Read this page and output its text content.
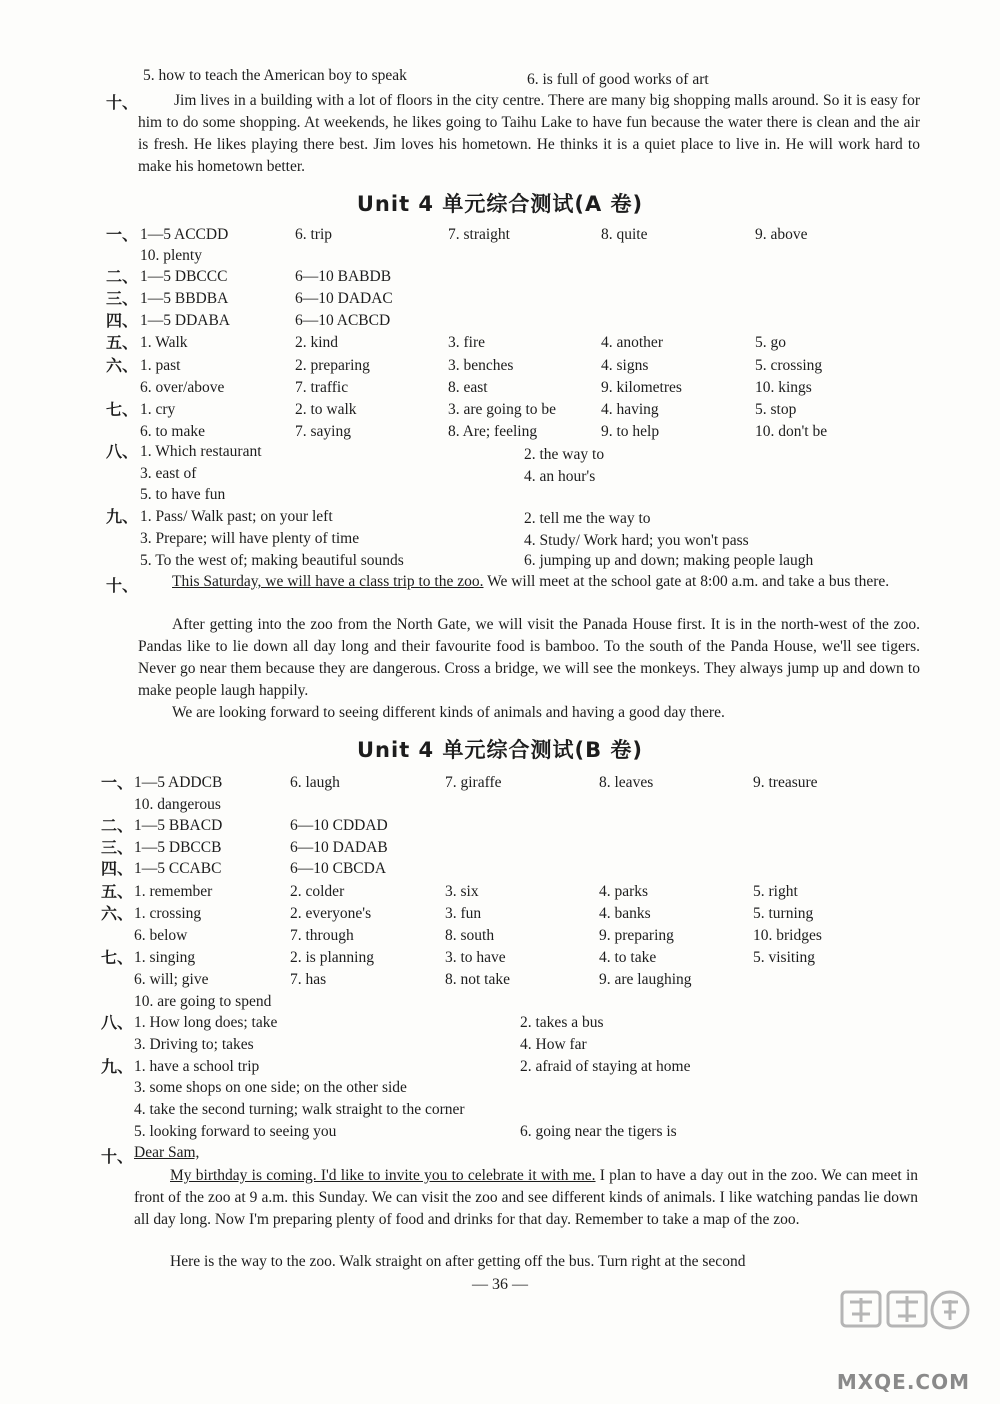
5. how to teach the American boy to speak	6. is full of good works of art
十、	Jim lives in a building with a lot of floors in the city centre. There are many big shopping malls around. So it is easy for him to do some shopping. At weekends, he likes going to Taihu Lake to have fun because the water there is clean and the air is fresh. He likes playing there best. Jim loves his hometown. He thinks it is a quiet place to live in. He will work hard to make his hometown better.
Unit 4 单元综合测试(A 卷)
一、 1—5 ACCDD	6. trip	7. straight	8. quite	9. above
10. plenty
二、 1—5 DBCCC	6—10 BABDB
三、 1—5 BBDBA	6—10 DADAC
四、 1—5 DDABA	6—10 ACBCD
五、 1. Walk	2. kind	3. fire	4. another	5. go
六、 1. past	2. preparing	3. benches	4. signs	5. crossing
6. over/above	7. traffic	8. east	9. kilometres	10. kings
七、 1. cry	2. to walk	3. are going to be	4. having	5. stop
6. to make	7. saying	8. Are; feeling	9. to help	10. don't be
八、 1. Which restaurant	2. the way to
3. east of	4. an hour's
5. to have fun
九、 1. Pass/ Walk past; on your left	2. tell me the way to
3. Prepare; will have plenty of time	4. Study/ Work hard; you won't pass
5. To the west of; making beautiful sounds	6. jumping up and down; making people laugh
十、	This Saturday, we will have a class trip to the zoo. We will meet at the school gate at 8:00 a.m. and take a bus there.
After getting into the zoo from the North Gate, we will visit the Panada House first. It is in the north-west of the zoo. Pandas like to lie down all day long and their favourite food is bamboo. To the south of the Panda House, we'll see tigers. Never go near them because they are dangerous. Cross a bridge, we will see the monkeys. They always jump up and down to make people laugh happily.
We are looking forward to seeing different kinds of animals and having a good day there.
Unit 4 单元综合测试(B 卷)
一、 1—5 ADDCB	6. laugh	7. giraffe	8. leaves	9. treasure
10. dangerous
二、 1—5 BBACD	6—10 CDDAD
三、 1—5 DBCCB	6—10 DADAB
四、 1—5 CCABC	6—10 CBCDA
五、 1. remember	2. colder	3. six	4. parks	5. right
六、 1. crossing	2. everyone's	3. fun	4. banks	5. turning
6. below	7. through	8. south	9. preparing	10. bridges
七、 1. singing	2. is planning	3. to have	4. to take	5. visiting
6. will; give	7. has	8. not take	9. are laughing
10. are going to spend
八、 1. How long does; take	2. takes a bus
3. Driving to; takes	4. How far
九、 1. have a school trip	2. afraid of staying at home
3. some shops on one side; on the other side
4. take the second turning; walk straight to the corner
5. looking forward to seeing you	6. going near the tigers is
十、 Dear Sam,
My birthday is coming. I'd like to invite you to celebrate it with me. I plan to have a day out in the zoo. We can meet in front of the zoo at 9 a.m. this Sunday. We can visit the zoo and see different kinds of animals. I like watching pandas lie down all day long. Now I'm preparing plenty of food and drinks for that day. Remember to take a map of the zoo.
Here is the way to the zoo. Walk straight on after getting off the bus. Turn right at the second
— 36 —
MXQE.COM
